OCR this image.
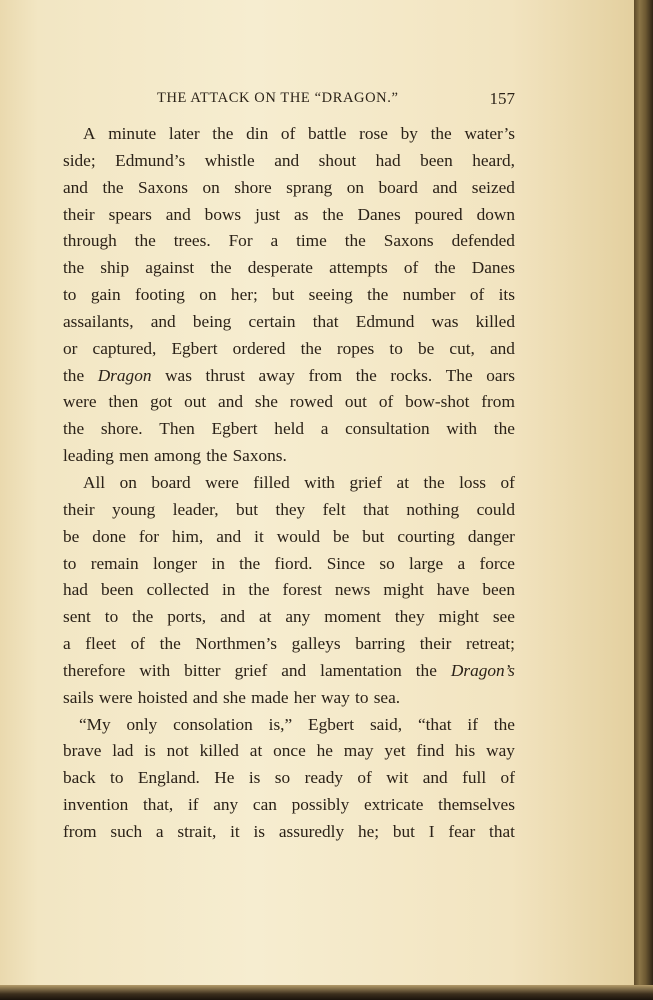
THE ATTACK ON THE “DRAGON.”	157
A minute later the din of battle rose by the water’s
side; Edmund’s whistle and shout had been heard,
and the Saxons on shore sprang on board and seized
their spears and bows just as the Danes poured down
through the trees. For a time the Saxons defended
the ship against the desperate attempts of the Danes
to gain footing on her; but seeing the number of its
assailants, and being certain that Edmund was killed
or captured, Egbert ordered the ropes to be cut, and
the Dragon was thrust away from the rocks. The oars
were then got out and she rowed out of bow-shot from
the shore. Then Egbert held a consultation with the
leading men among the Saxons.
All on board were filled with grief at the loss of
their young leader, but they felt that nothing could
be done for him, and it would be but courting danger
to remain longer in the fiord. Since so large a force
had been collected in the forest news might have been
sent to the ports, and at any moment they might see
a fleet of the Northmen’s galleys barring their retreat;
therefore with bitter grief and lamentation the Dragon’s
sails were hoisted and she made her way to sea.
“My only consolation is,” Egbert said, “that if the
brave lad is not killed at once he may yet find his way
back to England. He is so ready of wit and full of
invention that, if any can possibly extricate themselves
from such a strait, it is assuredly he; but I fear that
